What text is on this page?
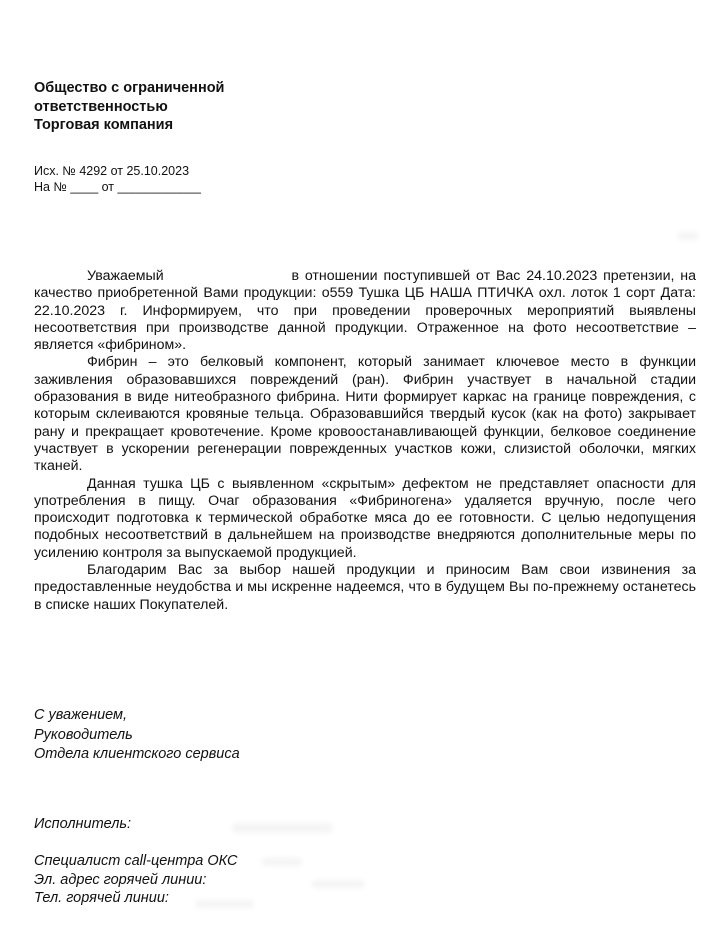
Общество с ограниченной
ответственностью
Торговая компания
Исх. № 4292 от 25.10.2023
На № ____ от ____________

Уважаемый	в отношении поступившей от Вас 24.10.2023 претензии, на качество приобретенной Вами продукции: о559 Тушка ЦБ НАША ПТИЧКА охл. лоток 1 сорт Дата: 22.10.2023 г. Информируем, что при проведении проверочных мероприятий выявлены несоответствия при производстве данной продукции. Отраженное на фото несоответствие – является «фибрином».

Фибрин – это белковый компонент, который занимает ключевое место в функции заживления образовавшихся повреждений (ран). Фибрин участвует в начальной стадии образования в виде нитеобразного фибрина. Нити формирует каркас на границе повреждения, с которым склеиваются кровяные тельца. Образовавшийся твердый кусок (как на фото) закрывает рану и прекращает кровотечение. Кроме кровоостанавливающей функции, белковое соединение участвует в ускорении регенерации поврежденных участков кожи, слизистой оболочки, мягких тканей.

Данная тушка ЦБ с выявленном «скрытым» дефектом не представляет опасности для употребления в пищу. Очаг образования «Фибриногена» удаляется вручную, после чего происходит подготовка к термической обработке мяса до ее готовности. С целью недопущения подобных несоответствий в дальнейшем на производстве внедряются дополнительные меры по усилению контроля за выпускаемой продукцией.

Благодарим Вас за выбор нашей продукции и приносим Вам свои извинения за предоставленные неудобства и мы искренне надеемся, что в будущем Вы по-прежнему останетесь в списке наших Покупателей.

С уважением,
Руководитель
Отдела клиентского сервиса
Исполнитель:
Специалист call-центра ОКС
Эл. адрес горячей линии:
Тел. горячей линии:
